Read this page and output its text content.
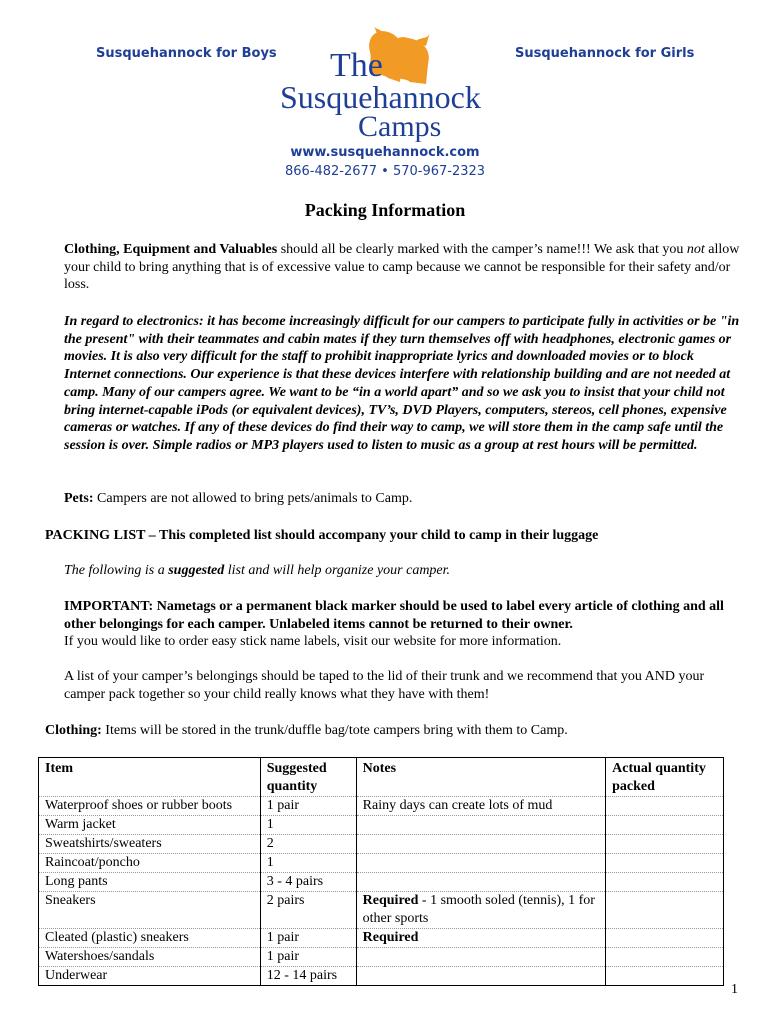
Susquehannock for Boys	Susquehannock for Girls
The
Susquehannock
Camps
www.susquehannock.com
866-482-2677 • 570-967-2323
Packing Information
Clothing, Equipment and Valuables should all be clearly marked with the camper’s name!!! We ask that you not allow your child to bring anything that is of excessive value to camp because we cannot be responsible for their safety and/or loss.
In regard to electronics: it has become increasingly difficult for our campers to participate fully in activities or be "in the present" with their teammates and cabin mates if they turn themselves off with headphones, electronic games or movies. It is also very difficult for the staff to prohibit inappropriate lyrics and downloaded movies or to block Internet connections. Our experience is that these devices interfere with relationship building and are not needed at camp. Many of our campers agree. We want to be “in a world apart” and so we ask you to insist that your child not bring internet-capable iPods (or equivalent devices), TV’s, DVD Players, computers, stereos, cell phones, expensive cameras or watches. If any of these devices do find their way to camp, we will store them in the camp safe until the session is over. Simple radios or MP3 players used to listen to music as a group at rest hours will be permitted.
Pets: Campers are not allowed to bring pets/animals to Camp.
PACKING LIST – This completed list should accompany your child to camp in their luggage
The following is a suggested list and will help organize your camper.
IMPORTANT: Nametags or a permanent black marker should be used to label every article of clothing and all other belongings for each camper. Unlabeled items cannot be returned to their owner.
If you would like to order easy stick name labels, visit our website for more information.
A list of your camper’s belongings should be taped to the lid of their trunk and we recommend that you AND your camper pack together so your child really knows what they have with them!
Clothing: Items will be stored in the trunk/duffle bag/tote campers bring with them to Camp.
Item	Suggested quantity	Notes	Actual quantity packed
Waterproof shoes or rubber boots	1 pair	Rainy days can create lots of mud	
Warm jacket	1		
Sweatshirts/sweaters	2		
Raincoat/poncho	1		
Long pants	3 - 4 pairs		
Sneakers	2 pairs	Required - 1 smooth soled (tennis), 1 for other sports	
Cleated (plastic) sneakers	1 pair	Required	
Watershoes/sandals	1 pair		
Underwear	12 - 14 pairs		
1
